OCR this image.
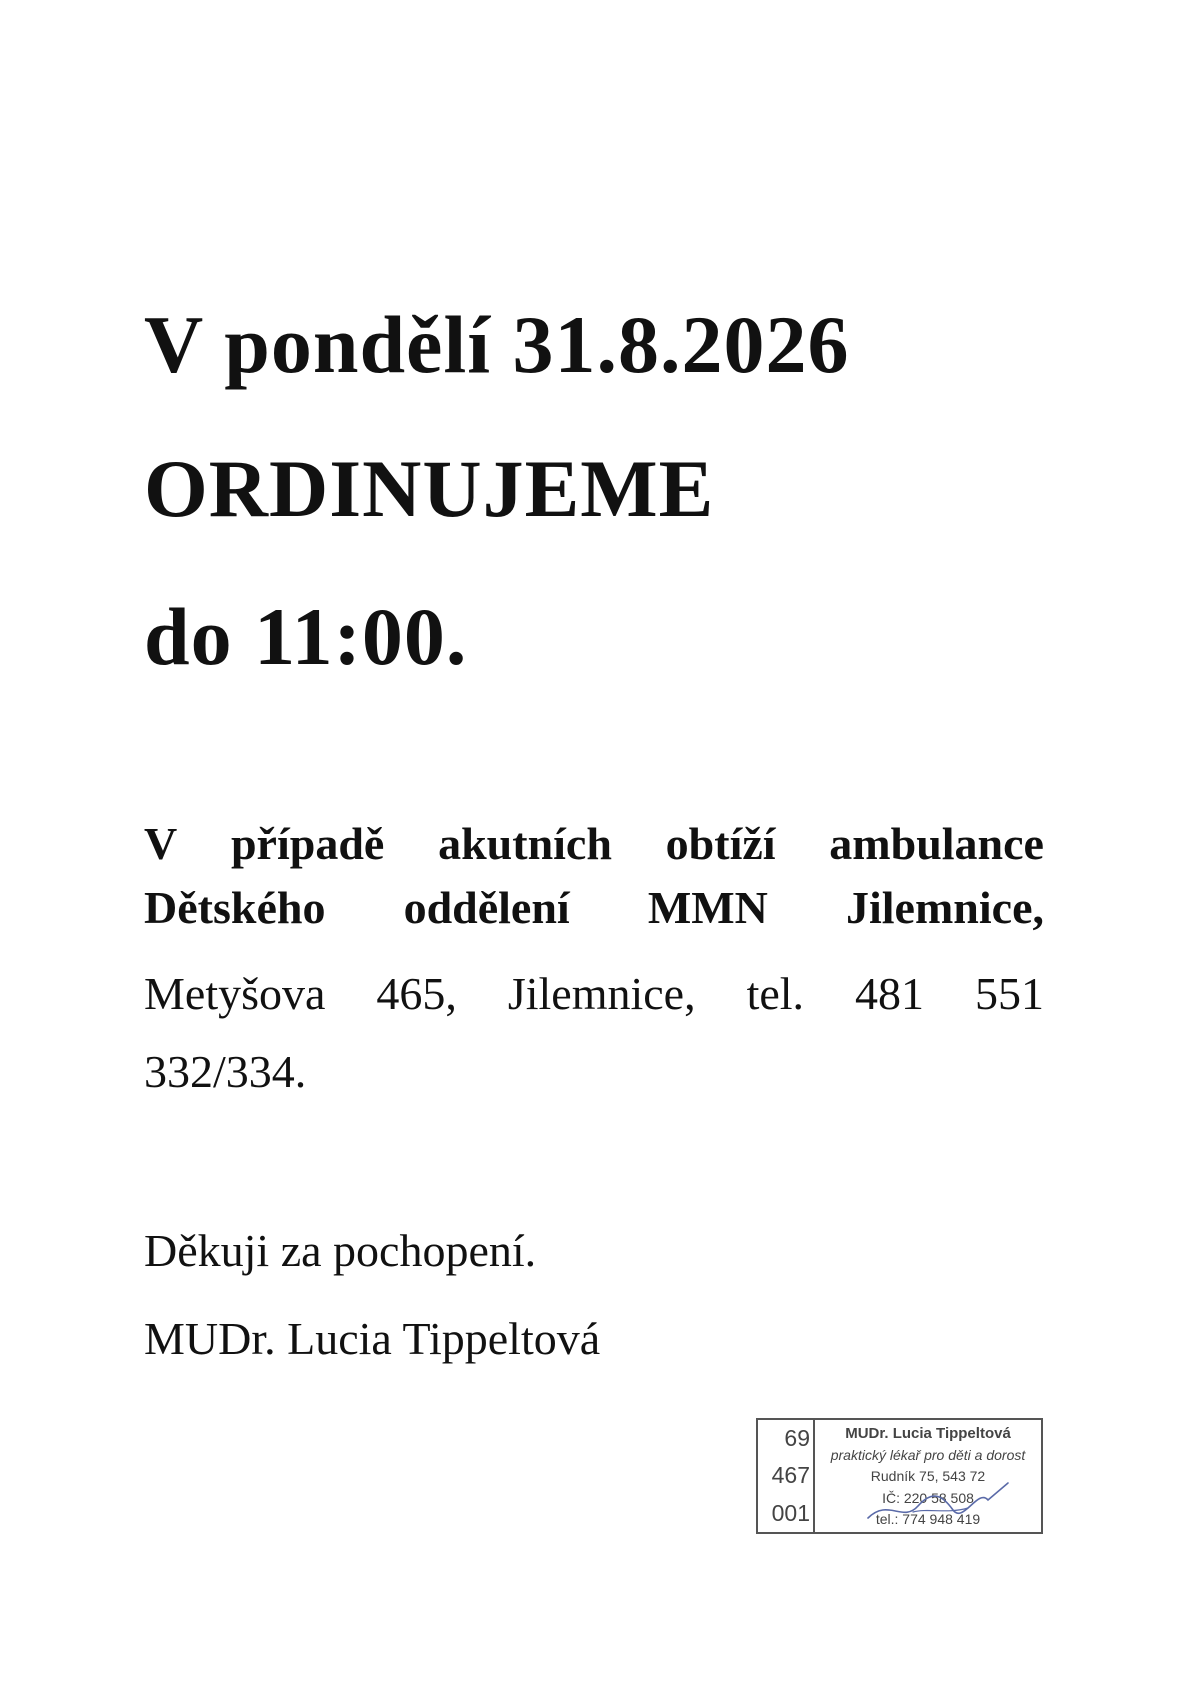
V pondělí 31.8.2026
ORDINUJEME
do 11:00.
V případě akutních obtíží ambulance
Dětského oddělení MMN Jilemnice,
Metyšova 465, Jilemnice, tel. 481 551
332/334.
Děkuji za pochopení.
MUDr. Lucia Tippeltová
69
467
001
MUDr. Lucia Tippeltová
praktický lékař pro děti a dorost
Rudník 75, 543 72
IČ: 220 58 508
tel.: 774 948 419
